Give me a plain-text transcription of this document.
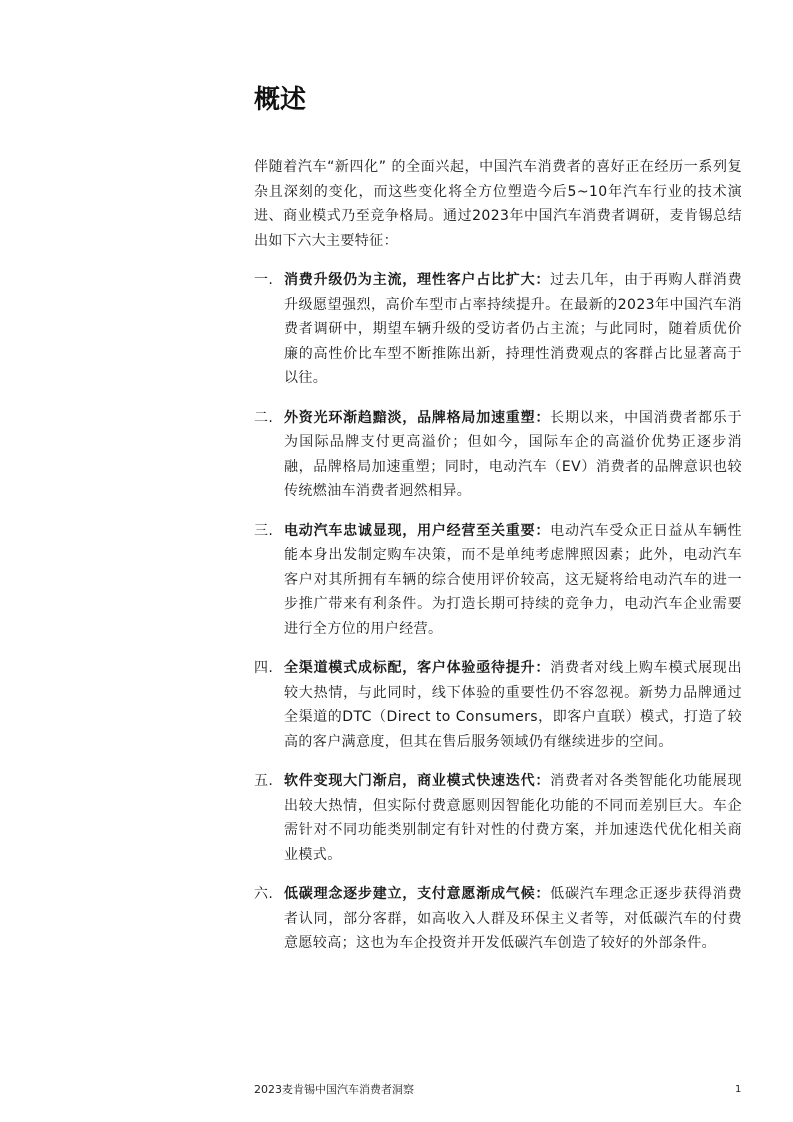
概述

伴随着汽车“新四化” 的全面兴起，中国汽车消费者的喜好正在经历一系列复杂且深刻的变化，而这些变化将全方位塑造今后5~10年汽车行业的技术演进、商业模式乃至竞争格局。通过2023年中国汽车消费者调研，麦肯锡总结出如下六大主要特征：

一. 消费升级仍为主流，理性客户占比扩大：过去几年，由于再购人群消费升级愿望强烈，高价车型市占率持续提升。在最新的2023年中国汽车消费者调研中，期望车辆升级的受访者仍占主流；与此同时，随着质优价廉的高性价比车型不断推陈出新，持理性消费观点的客群占比显著高于以往。
二. 外资光环渐趋黯淡，品牌格局加速重塑：长期以来，中国消费者都乐于为国际品牌支付更高溢价；但如今，国际车企的高溢价优势正逐步消融，品牌格局加速重塑；同时，电动汽车（EV）消费者的品牌意识也较传统燃油车消费者迥然相异。
三. 电动汽车忠诚显现，用户经营至关重要：电动汽车受众正日益从车辆性能本身出发制定购车决策，而不是单纯考虑牌照因素；此外，电动汽车客户对其所拥有车辆的综合使用评价较高，这无疑将给电动汽车的进一步推广带来有利条件。为打造长期可持续的竞争力，电动汽车企业需要进行全方位的用户经营。
四. 全渠道模式成标配，客户体验亟待提升：消费者对线上购车模式展现出较大热情，与此同时，线下体验的重要性仍不容忽视。新势力品牌通过全渠道的DTC（Direct to Consumers，即客户直联）模式，打造了较高的客户满意度，但其在售后服务领域仍有继续进步的空间。
五. 软件变现大门渐启，商业模式快速迭代：消费者对各类智能化功能展现出较大热情，但实际付费意愿则因智能化功能的不同而差别巨大。车企需针对不同功能类别制定有针对性的付费方案，并加速迭代优化相关商业模式。
六. 低碳理念逐步建立，支付意愿渐成气候：低碳汽车理念正逐步获得消费者认同，部分客群，如高收入人群及环保主义者等，对低碳汽车的付费意愿较高；这也为车企投资并开发低碳汽车创造了较好的外部条件。
2023麦肯锡中国汽车消费者洞察	1
